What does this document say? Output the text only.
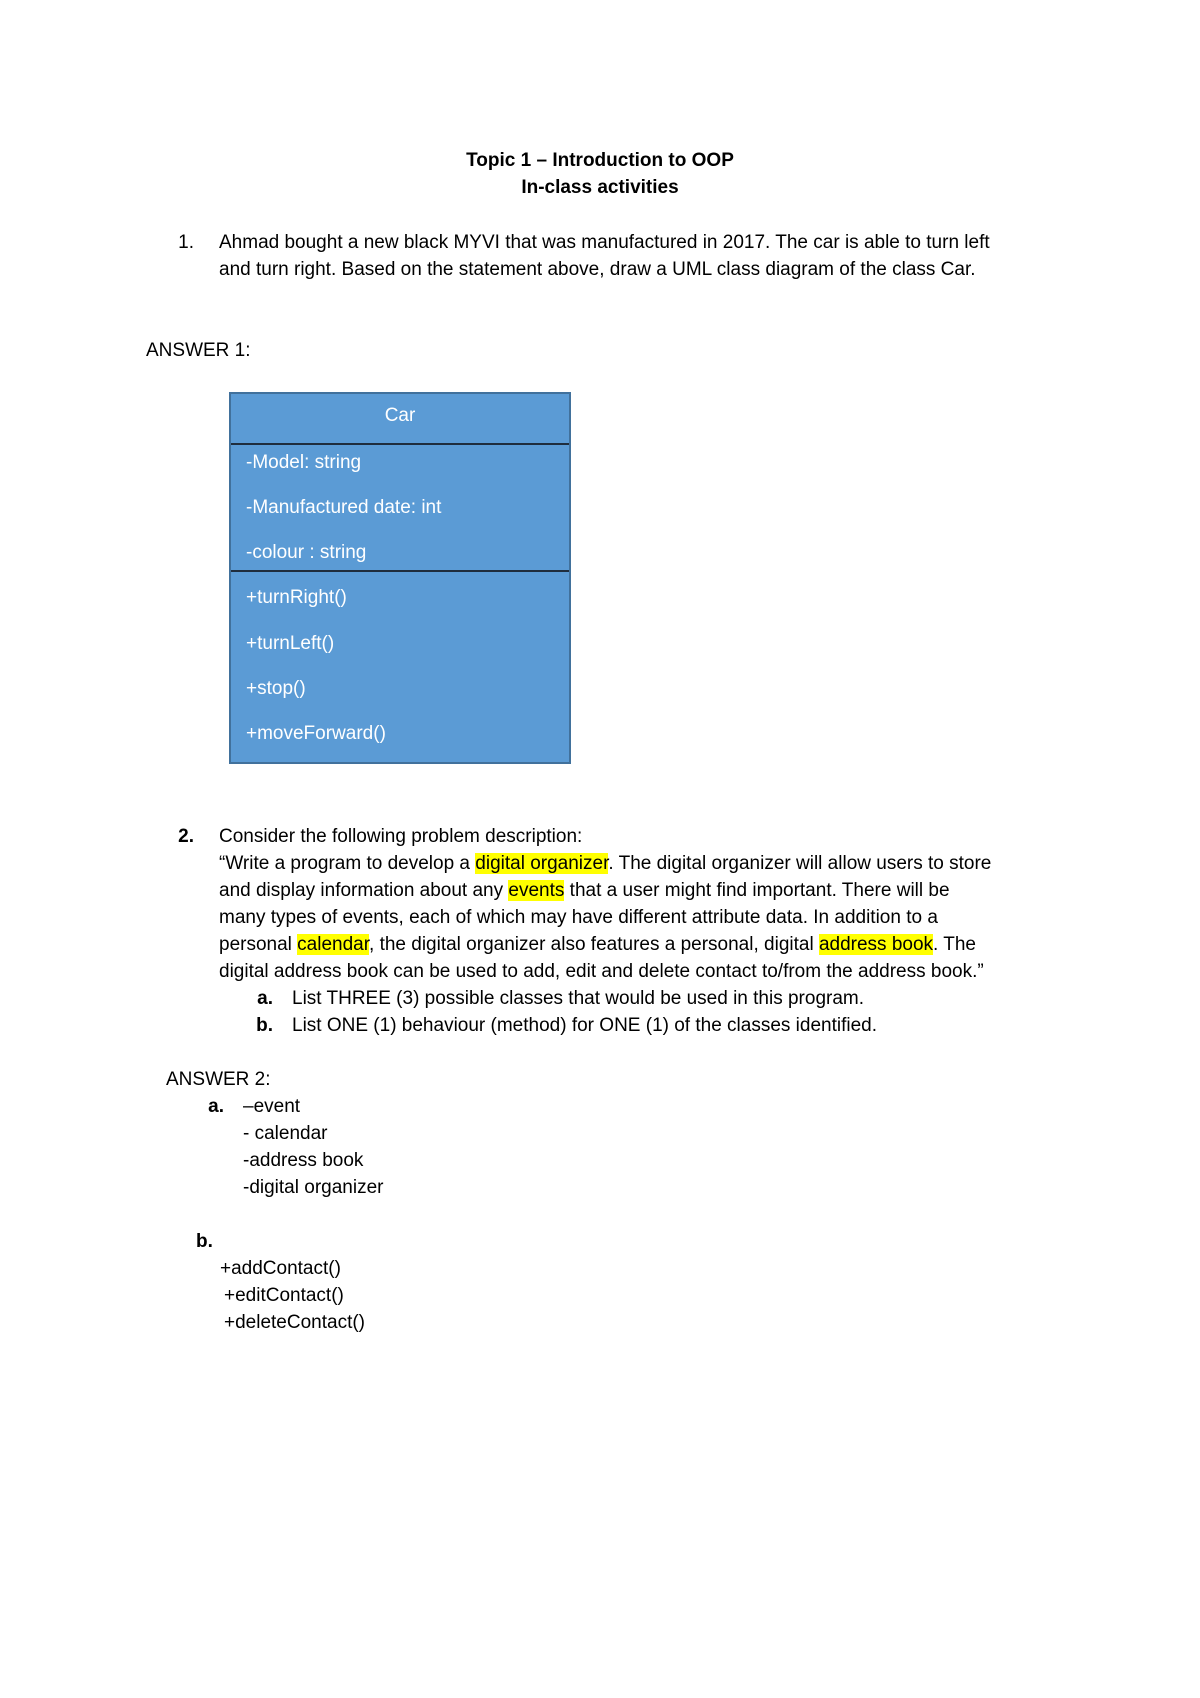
Topic 1 – Introduction to OOP
In-class activities
1. Ahmad bought a new black MYVI that was manufactured in 2017. The car is able to turn left
and turn right. Based on the statement above, draw a UML class diagram of the class Car.
ANSWER 1:
Car
-Model: string
-Manufactured date: int
-colour : string
+turnRight()
+turnLeft()
+stop()
+moveForward()
2. Consider the following problem description:
“Write a program to develop a digital organizer. The digital organizer will allow users to store
and display information about any events that a user might find important. There will be
many types of events, each of which may have different attribute data. In addition to a
personal calendar, the digital organizer also features a personal, digital address book. The
digital address book can be used to add, edit and delete contact to/from the address book.”
a. List THREE (3) possible classes that would be used in this program.
b. List ONE (1) behaviour (method) for ONE (1) of the classes identified.
ANSWER 2:
a. –event
- calendar
-address book
-digital organizer
b.
+addContact()
+editContact()
+deleteContact()
